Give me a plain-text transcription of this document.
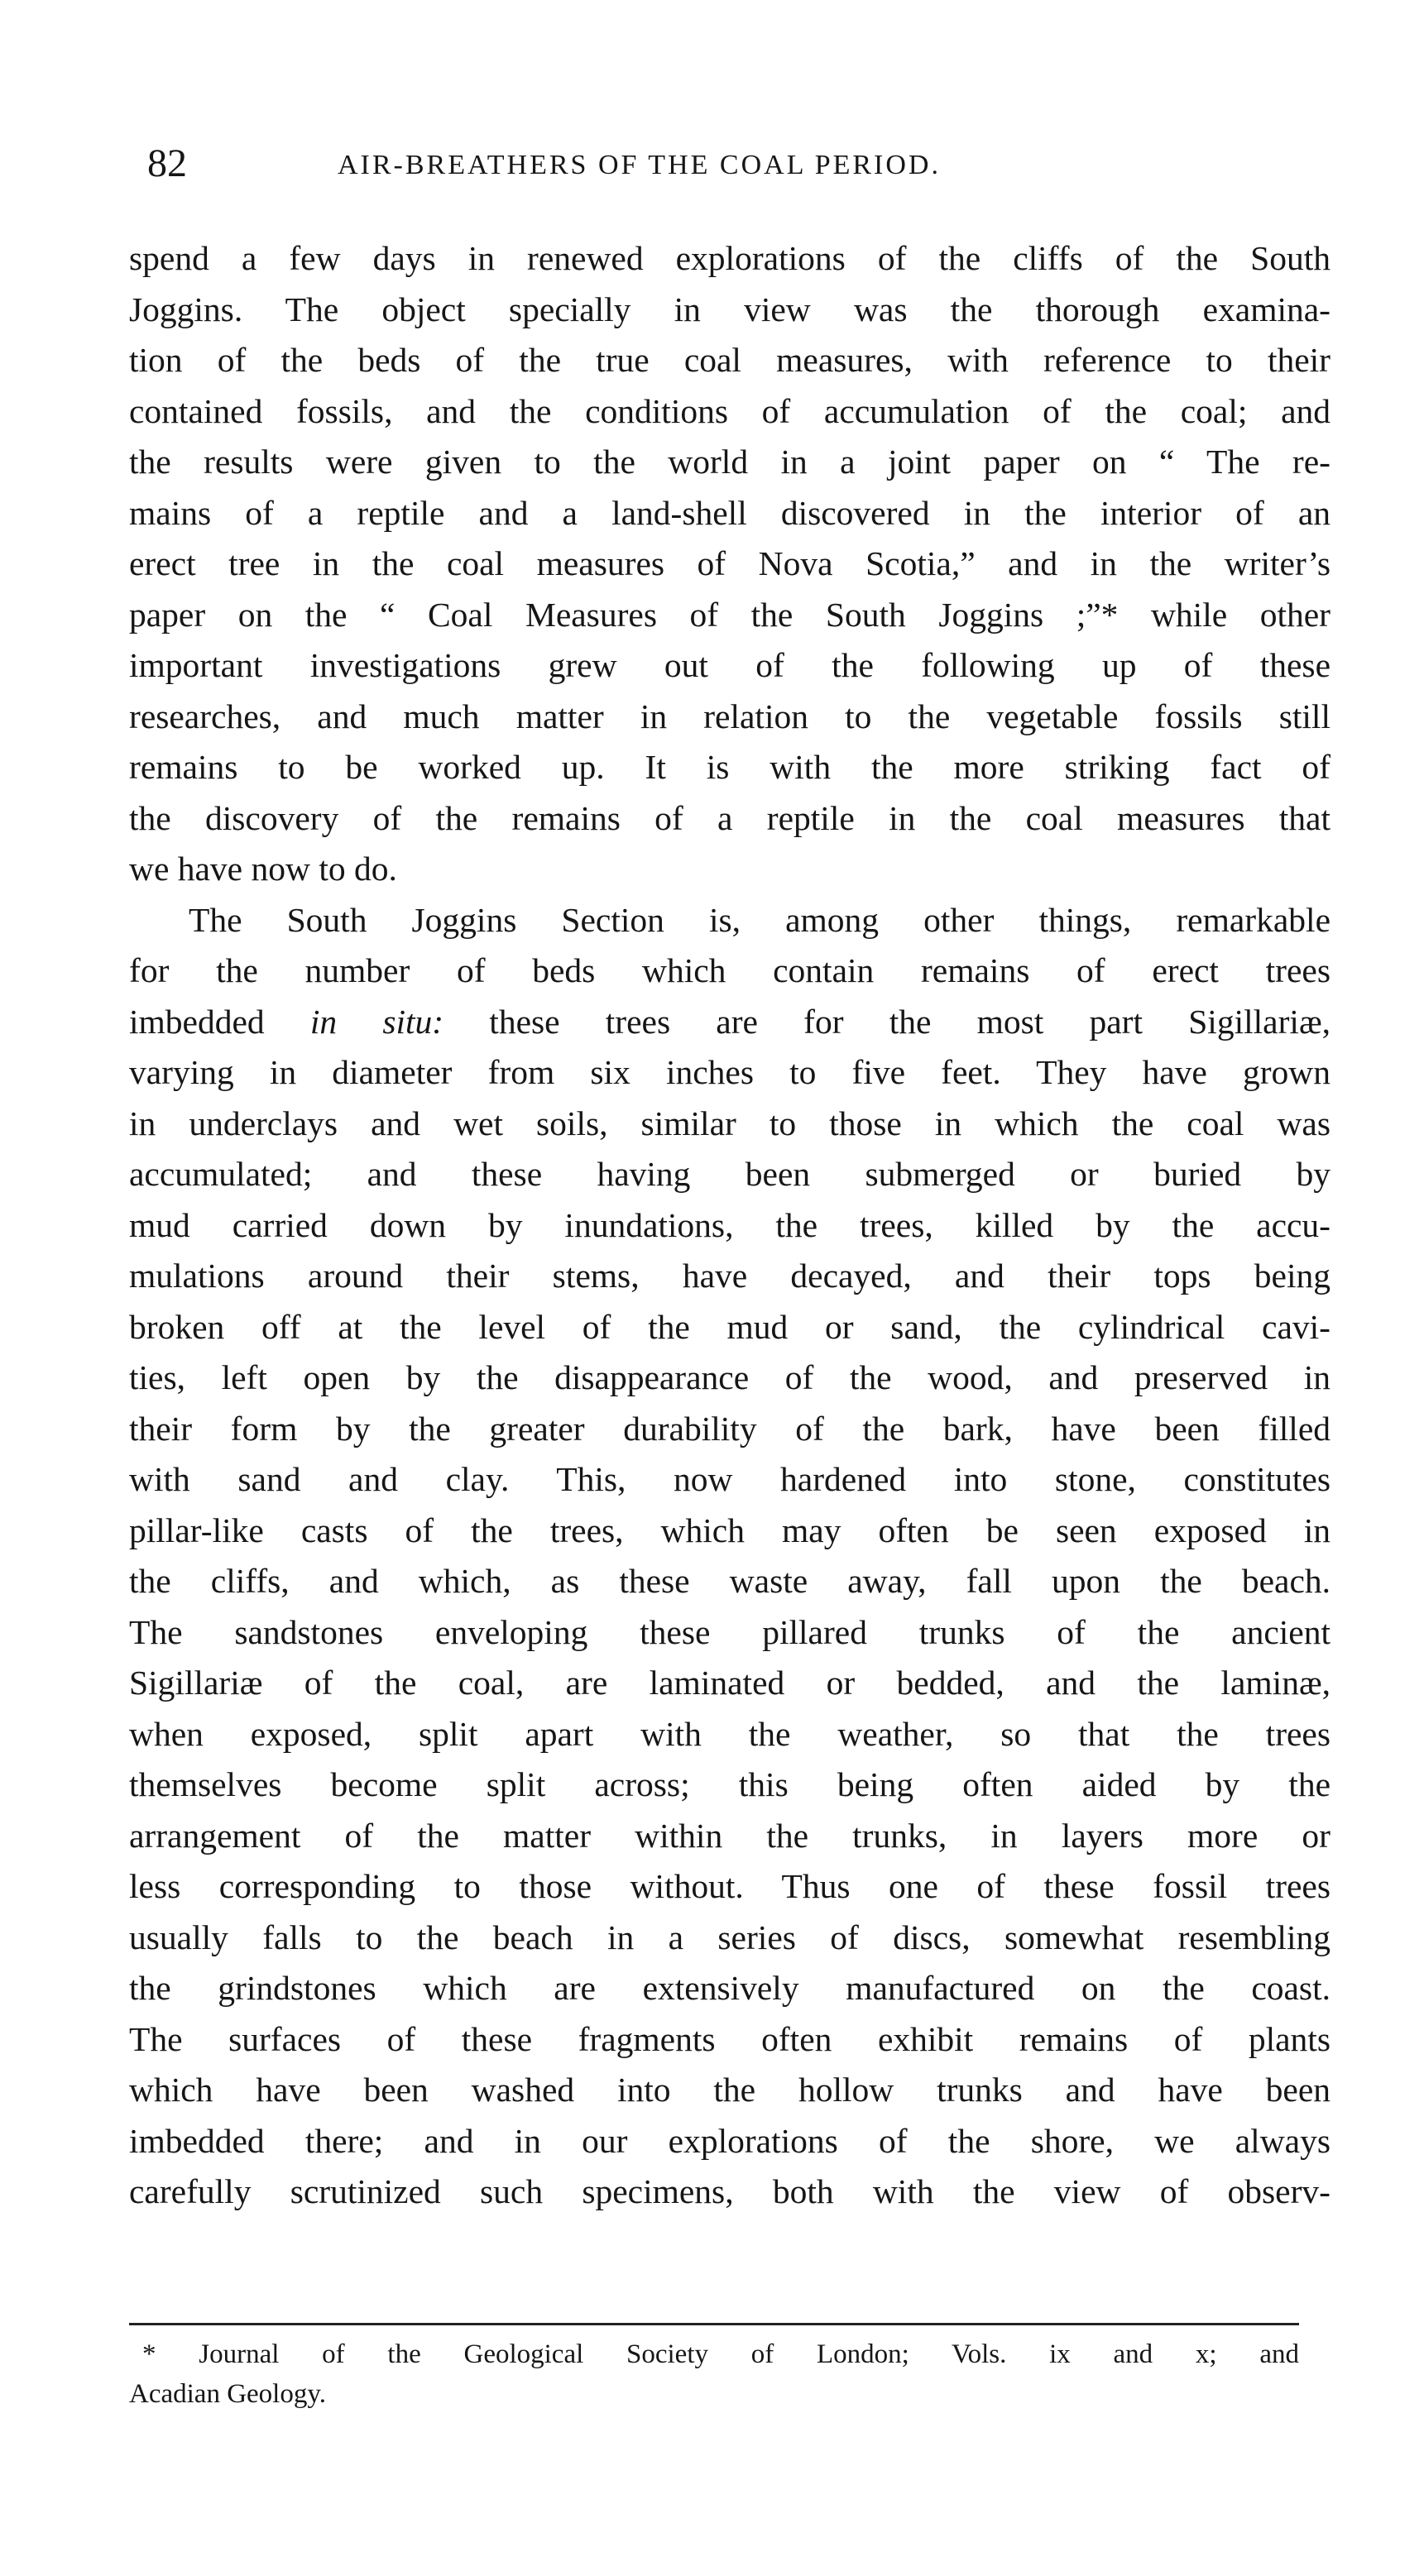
82	AIR-BREATHERS OF THE COAL PERIOD.

spend a few days in renewed explorations of the cliffs of the South
Joggins. The object specially in view was the thorough examina-
tion of the beds of the true coal measures, with reference to their
contained fossils, and the conditions of accumulation of the coal; and
the results were given to the world in a joint paper on “ The re-
mains of a reptile and a land-shell discovered in the interior of an
erect tree in the coal measures of Nova Scotia,” and in the writer’s
paper on the “ Coal Measures of the South Joggins ;”* while other
important investigations grew out of the following up of these
researches, and much matter in relation to the vegetable fossils still
remains to be worked up. It is with the more striking fact of
the discovery of the remains of a reptile in the coal measures that
we have now to do.

The South Joggins Section is, among other things, remarkable
for the number of beds which contain remains of erect trees
imbedded in situ: these trees are for the most part Sigillariæ,
varying in diameter from six inches to five feet. They have grown
in underclays and wet soils, similar to those in which the coal was
accumulated; and these having been submerged or buried by
mud carried down by inundations, the trees, killed by the accu-
mulations around their stems, have decayed, and their tops being
broken off at the level of the mud or sand, the cylindrical cavi-
ties, left open by the disappearance of the wood, and preserved in
their form by the greater durability of the bark, have been filled
with sand and clay. This, now hardened into stone, constitutes
pillar-like casts of the trees, which may often be seen exposed in
the cliffs, and which, as these waste away, fall upon the beach.
The sandstones enveloping these pillared trunks of the ancient
Sigillariæ of the coal, are laminated or bedded, and the laminæ,
when exposed, split apart with the weather, so that the trees
themselves become split across; this being often aided by the
arrangement of the matter within the trunks, in layers more or
less corresponding to those without. Thus one of these fossil trees
usually falls to the beach in a series of discs, somewhat resembling
the grindstones which are extensively manufactured on the coast.
The surfaces of these fragments often exhibit remains of plants
which have been washed into the hollow trunks and have been
imbedded there; and in our explorations of the shore, we always
carefully scrutinized such specimens, both with the view of observ-

* Journal of the Geological Society of London; Vols. ix and x; and
Acadian Geology.
